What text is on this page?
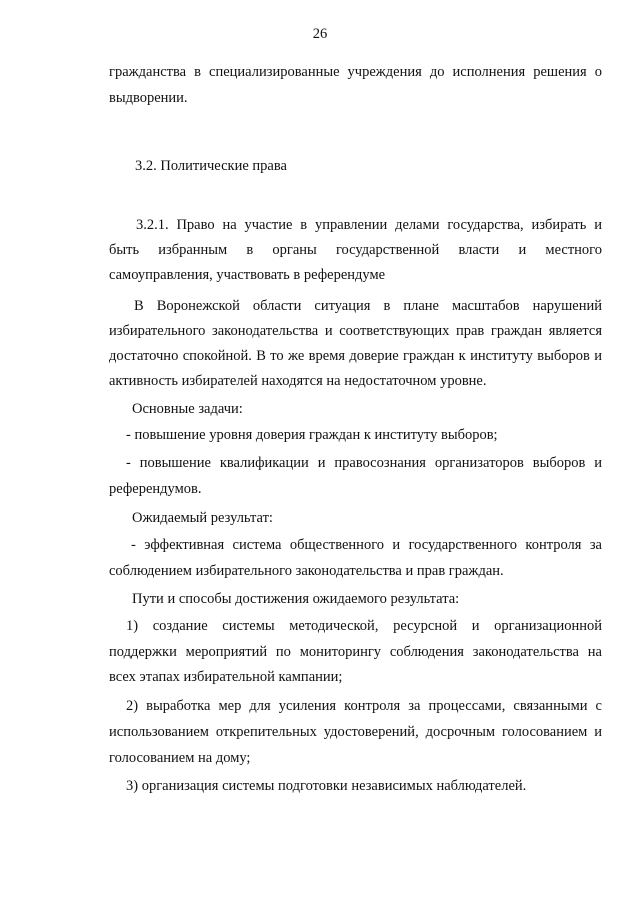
26
гражданства в специализированные учреждения до исполнения решения о
выдворении.
3.2. Политические права
3.2.1. Право на участие в управлении делами государства, избирать и
быть избранным в органы государственной власти и местного
самоуправления, участвовать в референдуме
В Воронежской области ситуация в плане масштабов нарушений
избирательного законодательства и соответствующих прав граждан является
достаточно спокойной. В то же время доверие граждан к институту выборов и
активность избирателей находятся на недостаточном уровне.
Основные задачи:
- повышение уровня доверия граждан к институту выборов;
- повышение квалификации и правосознания организаторов выборов и
референдумов.
Ожидаемый результат:
- эффективная система общественного и государственного контроля за
соблюдением избирательного законодательства и прав граждан.
Пути и способы достижения ожидаемого результата:
1) создание системы методической, ресурсной и организационной
поддержки мероприятий по мониторингу соблюдения законодательства на
всех этапах избирательной кампании;
2) выработка мер для усиления контроля за процессами, связанными с
использованием открепительных удостоверений, досрочным голосованием и
голосованием на дому;
3) организация системы подготовки независимых наблюдателей.
